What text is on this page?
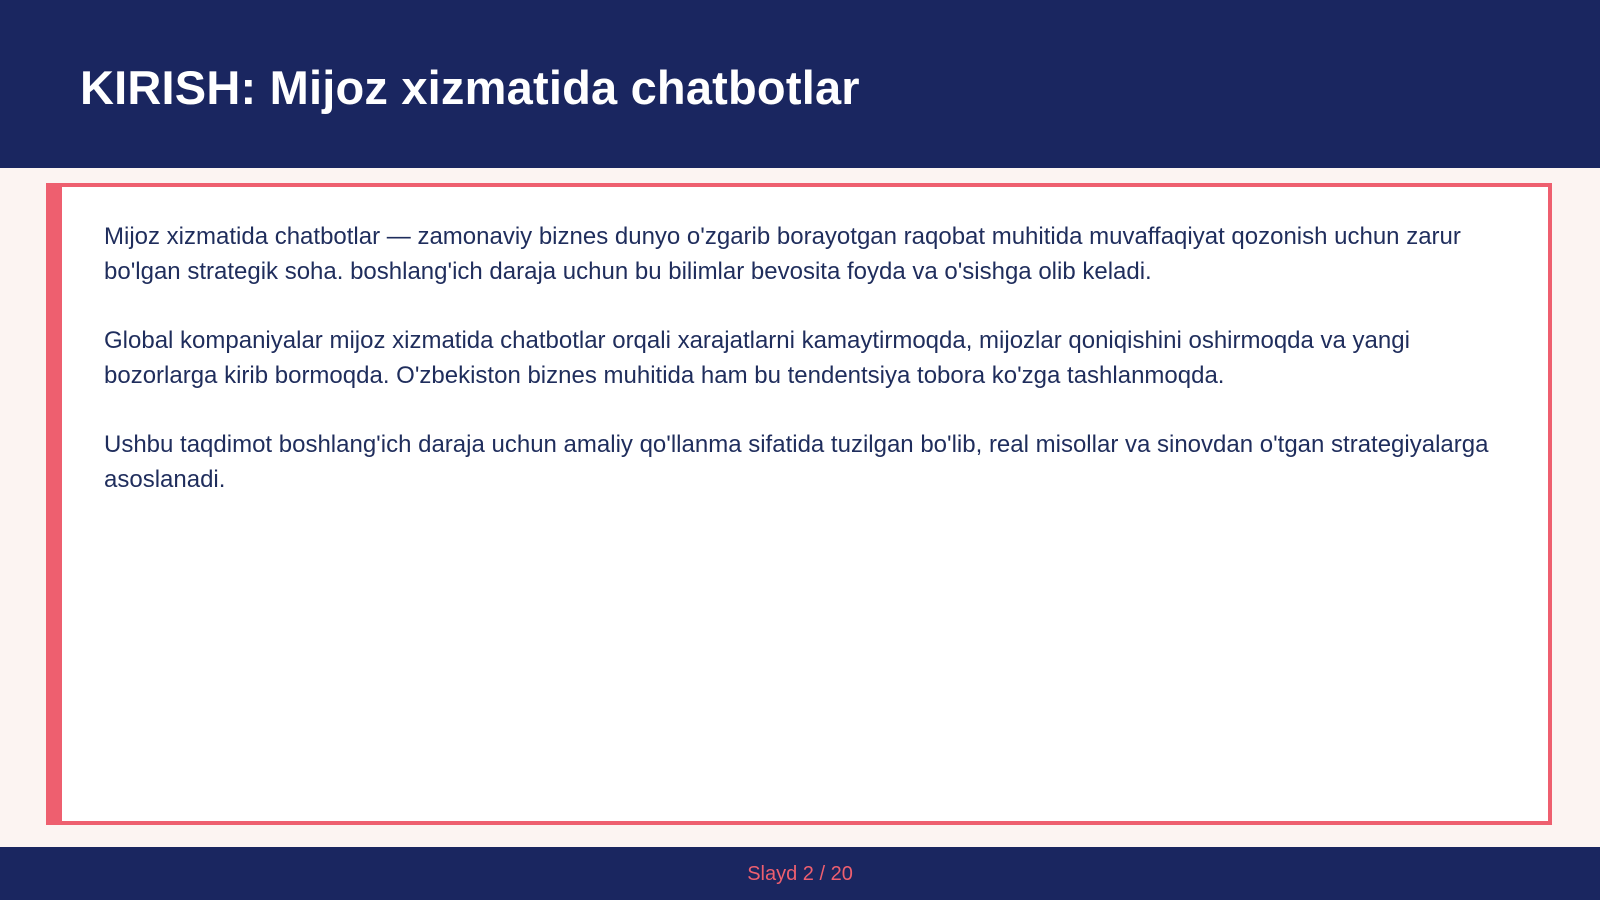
KIRISH: Mijoz xizmatida chatbotlar

Mijoz xizmatida chatbotlar — zamonaviy biznes dunyo o'zgarib borayotgan raqobat muhitida muvaffaqiyat qozonish uchun zarur bo'lgan strategik soha. boshlang'ich daraja uchun bu bilimlar bevosita foyda va o'sishga olib keladi.

Global kompaniyalar mijoz xizmatida chatbotlar orqali xarajatlarni kamaytirmoqda, mijozlar qoniqishini oshirmoqda va yangi bozorlarga kirib bormoqda. O'zbekiston biznes muhitida ham bu tendentsiya tobora ko'zga tashlanmoqda.

Ushbu taqdimot boshlang'ich daraja uchun amaliy qo'llanma sifatida tuzilgan bo'lib, real misollar va sinovdan o'tgan strategiyalarga asoslanadi.

Slayd 2 / 20
